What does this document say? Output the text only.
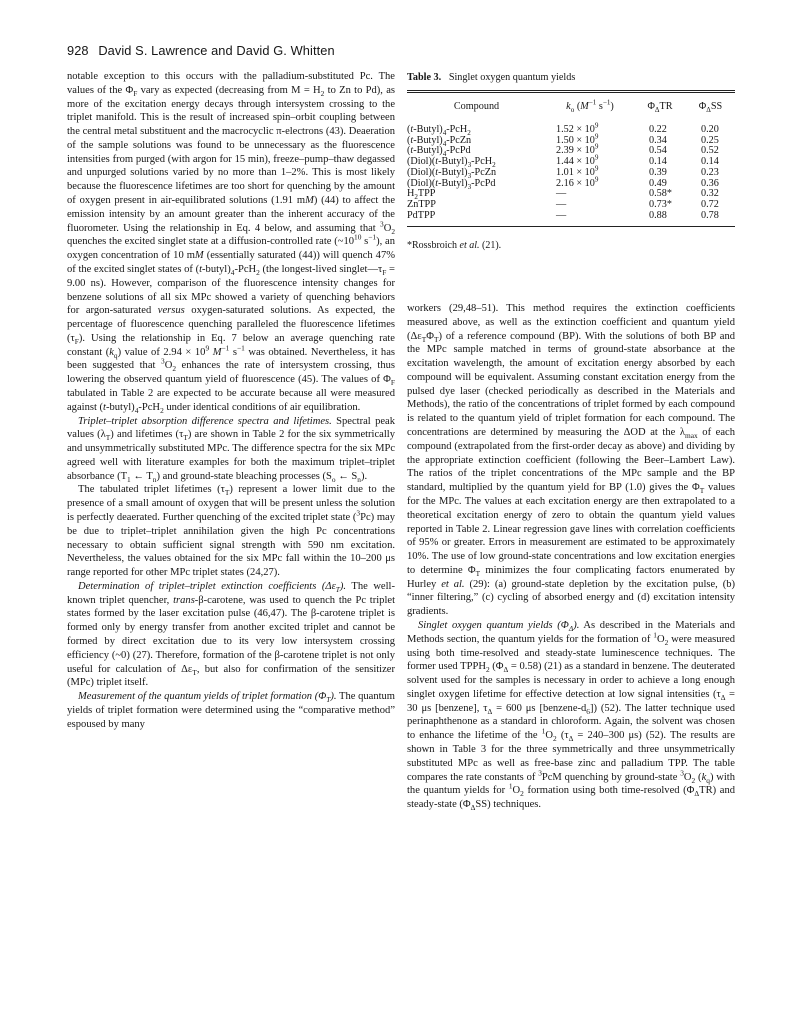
928 David S. Lawrence and David G. Whitten

notable exception to this occurs with the palladium-substituted Pc. The values of the $\Phi_F$ vary as expected (decreasing from $M = H_2$ to Zn to Pd), as more of the excitation energy decays through intersystem crossing to the triplet manifold. This is the result of increased spin–orbit coupling between the central metal substituent and the macrocyclic π-electrons (43). Deaeration of the sample solutions was found to be unnecessary as the fluorescence intensities from purged (with argon for 15 min), freeze–pump–thaw degassed and unpurged solutions varied by no more than 1–2%. This is most likely because the fluorescence lifetimes are too short for quenching by the amount of oxygen present in air-equilibrated solutions (1.91 mM) (44) to affect the emission intensity by an amount greater than the inherent accuracy of the fluorometer. Using the relationship in Eq. 4 below, and assuming that $^3O_2$ quenches the excited singlet state at a diffusion-controlled rate ($\sim 10^{10}$ $s^{-1}$), an oxygen concentration of 10 mM (essentially saturated (44)) will quench 47% of the excited singlet states of $(t-butyl)_4-PcH_2$ (the longest-lived $singlet—\tau_F = 9.00$ ns). However, comparison of the fluorescence intensity changes for benzene solutions of all six MPc showed a variety of quenching behaviors for argon-saturated versus oxygen-saturated solutions. As expected, the percentage of fluorescence quenching paralleled the fluorescence lifetimes $(\tau_F)$. Using the relationship in Eq. 7 below an average quenching rate constant $(k_q)$ value of $2.94 \times 10^9$ $M^{-1}$ $s^{-1}$ was obtained. Nevertheless, it has been suggested that $^3O_2$ enhances the rate of intersystem crossing, thus lowering the observed quantum yield of fluorescence (45). The values of $\Phi_F$ tabulated in Table 2 are expected to be accurate because all were measured against $(t-butyl)_4-PcH_2$ under identical conditions of air equilibration.

Triplet–triplet absorption difference spectra and lifetimes. Spectral peak values $(\lambda_T)$ and lifetimes $(\tau_T)$ are shown in Table 2 for the six symmetrically and unsymmetrically substituted MPc. The difference spectra for the six MPc agreed well with literature examples for both the maximum triplet–triplet absorbance ($T_1$ ← $T_n$) and ground-state bleaching processes ($S_o$ ← $S_n$).

The tabulated triplet lifetimes $(\tau_T)$ represent a lower limit due to the presence of a small amount of oxygen that will be present unless the solution is perfectly deaerated. Further quenching of the excited triplet state ($^3$Pc) may be due to triplet–triplet annihilation given the high Pc concentrations necessary to obtain sufficient signal strength with 590 nm excitation. Nevertheless, the values obtained for the six MPc fall within the 10–200 μs range reported for other MPc triplet states (24,27).

Determination of triplet–triplet extinction coefficients $(\Delta\varepsilon_T)$. The well-known triplet quencher, trans-β-carotene, was used to quench the Pc triplet states formed by the laser excitation pulse (46,47). The β-carotene triplet is formed only by energy transfer from another excited triplet and cannot be formed by direct excitation due to its very low intersystem crossing efficiency (~0) (27). Therefore, formation of the β-carotene triplet is not only useful for calculation of $\Delta\varepsilon_T$, but also for confirmation of the sensitizer (MPc) triplet itself.

Measurement of the quantum yields of triplet formation $(\Phi_T)$. The quantum yields of triplet formation were determined using the “comparative method” espoused by many

Table 3. Singlet oxygen quantum yields
Compound	$k_o$ ($M^{-1}$ $s^{-1}$)	$\Phi_\Delta TR$	$\Phi_\Delta SS$
$(t-Butyl)_4-PcH_2$	$1.52 \times 10^9$	0.22	0.20
$(t-Butyl)_4$-PcZn	$1.50 \times 10^9$	0.34	0.25
$(t-Butyl)_4$-PcPd	$2.39 \times 10^9$	0.54	0.52
$(Diol)(t-Butyl)_3-PcH_2$	$1.44 \times 10^9$	0.14	0.14
$(Diol)(t-Butyl)_3$-PcZn	$1.01 \times 10^9$	0.39	0.23
$(Diol)(t-Butyl)_3$-PcPd	$2.16 \times 10^9$	0.49	0.36
$H_2TPP$	—	0.58*	0.32
ZnTPP	—	0.73*	0.72
PdTPP	—	0.88	0.78
*Rossbroich et al. (21).

workers (29,48–51). This method requires the extinction coefficients measured above, as well as the extinction coefficient and quantum yield $(\Delta\varepsilon_T\Phi_T)$ of a reference compound (BP). With the solutions of both BP and the MPc sample matched in terms of ground-state absorbance at the excitation wavelength, the amount of excitation energy absorbed by each compound will be equivalent. Assuming constant excitation energy from the pulsed dye laser (checked periodically as described in the Materials and Methods), the ratio of the concentrations of triplet formed by each compound is related to the quantum yield of triplet formation for each compound. The concentrations are determined by measuring the ΔOD at the $\lambda_{max}$ of each compound (extrapolated from the first-order decay as above) and dividing by the appropriate extinction coefficient (following the Beer–Lambert Law). The ratios of the triplet concentrations of the MPc sample and the BP standard, multiplied by the quantum yield for BP (1.0) gives the $\Phi_T$ values for the MPc. The values at each excitation energy are then extrapolated to a theoretical excitation energy of zero to obtain the quantum yield values reported in Table 2. Linear regression gave lines with correlation coefficients of 95% or greater. Errors in measurement are estimated to be approximately 10%. The use of low ground-state concentrations and low excitation energies to determine $\Phi_T$ minimizes the four complicating factors enumerated by Hurley et al. (29): (a) ground-state depletion by the excitation pulse, (b) “inner filtering,” (c) cycling of absorbed energy and (d) excitation intensity gradients.

Singlet oxygen quantum yields $(\Phi_\Delta)$. As described in the Materials and Methods section, the quantum yields for the formation of $^1O_2$ were measured using both time-resolved and steady-state luminescence techniques. The former used $TPPH_2$ $(\Phi_\Delta = 0.58)$ (21) as a standard in benzene. The deuterated solvent used for the samples is necessary in order to achieve a long enough singlet oxygen lifetime for effective detection at low signal intensities ($\tau_\Delta = 30$ μs [benzene], $\tau_\Delta = 600$ μs $[benzene-d_6]$) (52). The latter technique used perinaphthenone as a standard in chloroform. Again, the solvent was chosen to enhance the lifetime of the $^1O_2$ ($\tau_\Delta = 240-300$ μs) (52). The results are shown in Table 3 for the three symmetrically and three unsymmetrically substituted MPc as well as free-base zinc and palladium TPP. The table compares the rate constants of $^3$PcM quenching by ground-state $^3O_2$ $(k_q)$ with the quantum yields for $^1O_2$ formation using both time-resolved $(\Phi_\Delta TR)$ and steady-state $(\Phi_\Delta SS)$ techniques.
